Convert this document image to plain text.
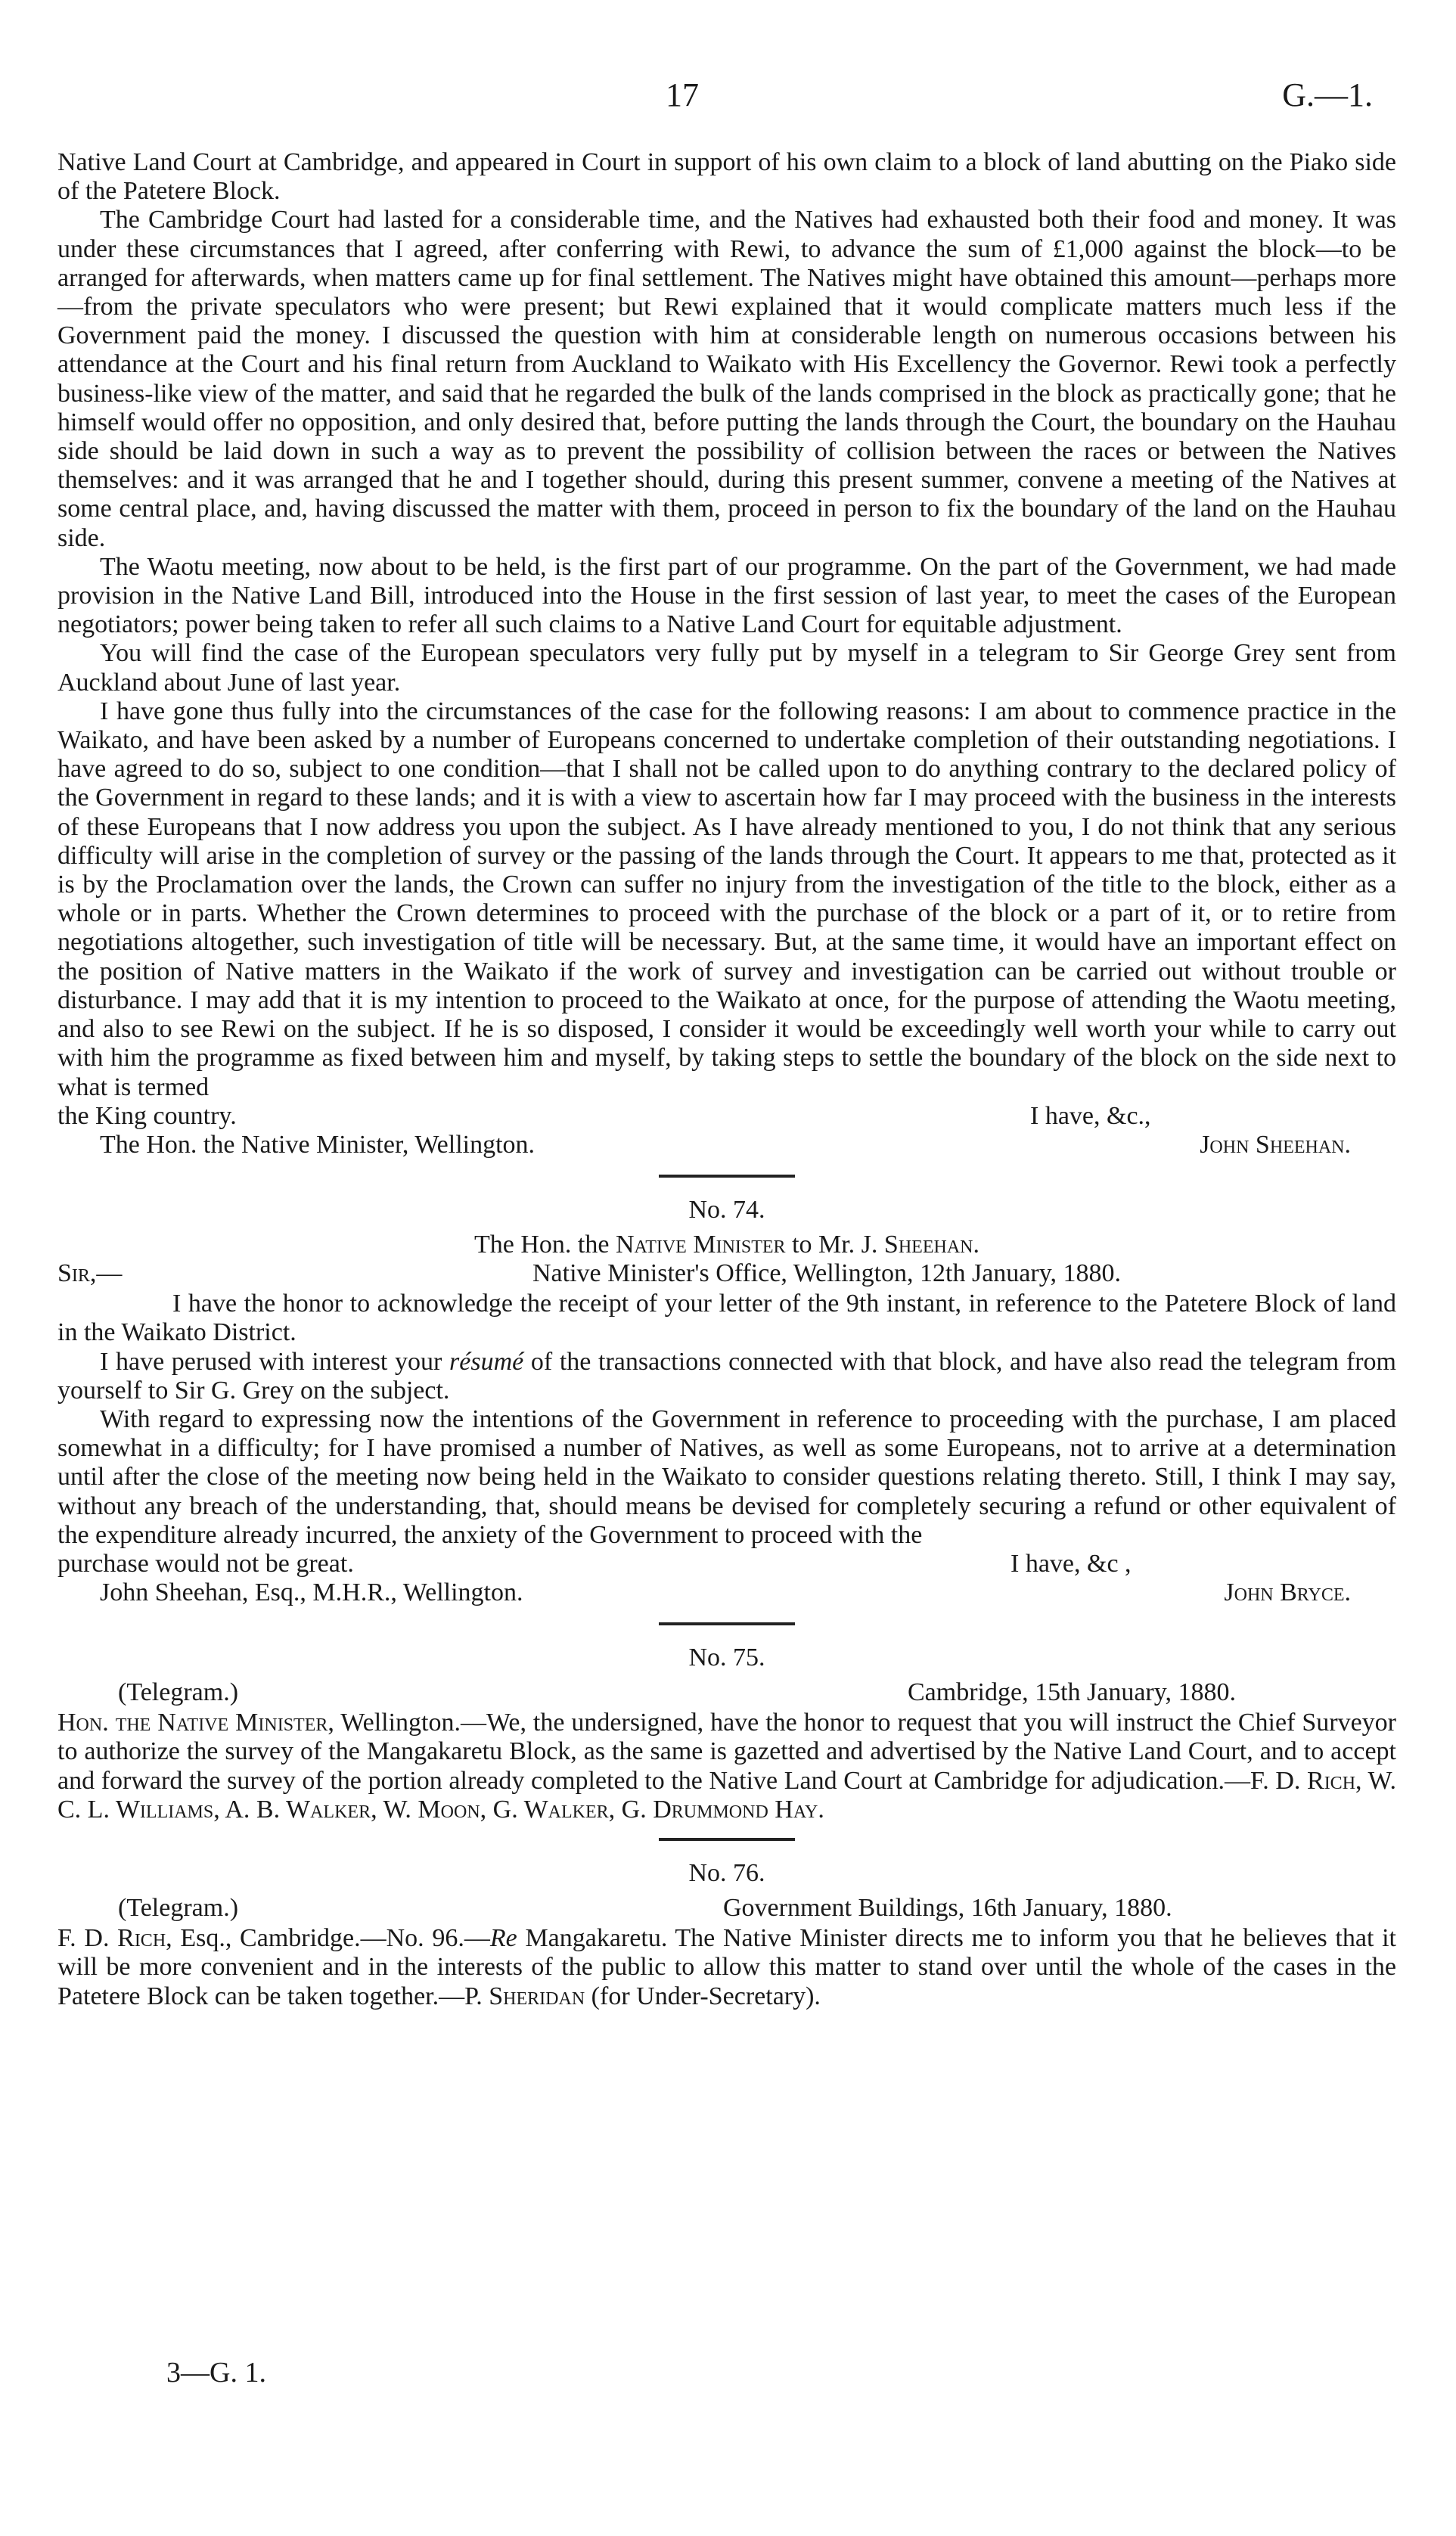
17	G.—1.

Native Land Court at Cambridge, and appeared in Court in support of his own claim to a block of land abutting on the Piako side of the Patetere Block.

The Cambridge Court had lasted for a considerable time, and the Natives had exhausted both their food and money. It was under these circumstances that I agreed, after conferring with Rewi, to advance the sum of £1,000 against the block—to be arranged for afterwards, when matters came up for final settlement. The Natives might have obtained this amount—perhaps more—from the private speculators who were present; but Rewi explained that it would complicate matters much less if the Government paid the money. I discussed the question with him at considerable length on numerous occasions between his attendance at the Court and his final return from Auckland to Waikato with His Excellency the Governor. Rewi took a perfectly business-like view of the matter, and said that he regarded the bulk of the lands comprised in the block as practically gone; that he himself would offer no opposition, and only desired that, before putting the lands through the Court, the boundary on the Hauhau side should be laid down in such a way as to prevent the possibility of collision between the races or between the Natives themselves: and it was arranged that he and I together should, during this present summer, convene a meeting of the Natives at some central place, and, having discussed the matter with them, proceed in person to fix the boundary of the land on the Hauhau side.

The Waotu meeting, now about to be held, is the first part of our programme. On the part of the Government, we had made provision in the Native Land Bill, introduced into the House in the first session of last year, to meet the cases of the European negotiators; power being taken to refer all such claims to a Native Land Court for equitable adjustment.

You will find the case of the European speculators very fully put by myself in a telegram to Sir George Grey sent from Auckland about June of last year.

I have gone thus fully into the circumstances of the case for the following reasons: I am about to commence practice in the Waikato, and have been asked by a number of Europeans concerned to undertake completion of their outstanding negotiations. I have agreed to do so, subject to one condition—that I shall not be called upon to do anything contrary to the declared policy of the Government in regard to these lands; and it is with a view to ascertain how far I may proceed with the business in the interests of these Europeans that I now address you upon the subject. As I have already mentioned to you, I do not think that any serious difficulty will arise in the completion of survey or the passing of the lands through the Court. It appears to me that, protected as it is by the Proclamation over the lands, the Crown can suffer no injury from the investigation of the title to the block, either as a whole or in parts. Whether the Crown determines to proceed with the purchase of the block or a part of it, or to retire from negotiations altogether, such investigation of title will be necessary. But, at the same time, it would have an important effect on the position of Native matters in the Waikato if the work of survey and investigation can be carried out without trouble or disturbance. I may add that it is my intention to proceed to the Waikato at once, for the purpose of attending the Waotu meeting, and also to see Rewi on the subject. If he is so disposed, I consider it would be exceedingly well worth your while to carry out with him the programme as fixed between him and myself, by taking steps to settle the boundary of the block on the side next to what is termed

the King country.	I have, &c.,
The Hon. the Native Minister, Wellington.	John Sheehan.
No. 74.
The Hon. the Native Minister to Mr. J. Sheehan.
Sir,—	Native Minister's Office, Wellington, 12th January, 1880.

I have the honor to acknowledge the receipt of your letter of the 9th instant, in reference to the Patetere Block of land in the Waikato District.

I have perused with interest your résumé of the transactions connected with that block, and have also read the telegram from yourself to Sir G. Grey on the subject.

With regard to expressing now the intentions of the Government in reference to proceeding with the purchase, I am placed somewhat in a difficulty; for I have promised a number of Natives, as well as some Europeans, not to arrive at a determination until after the close of the meeting now being held in the Waikato to consider questions relating thereto. Still, I think I may say, without any breach of the understanding, that, should means be devised for completely securing a refund or other equivalent of the expenditure already incurred, the anxiety of the Government to proceed with the

purchase would not be great.	I have, &c ,
John Sheehan, Esq., M.H.R., Wellington.	John Bryce.
No. 75.
(Telegram.)	Cambridge, 15th January, 1880.

Hon. the Native Minister, Wellington.—We, the undersigned, have the honor to request that you will instruct the Chief Surveyor to authorize the survey of the Mangakaretu Block, as the same is gazetted and advertised by the Native Land Court, and to accept and forward the survey of the portion already completed to the Native Land Court at Cambridge for adjudication.—F. D. Rich, W. C. L. Williams, A. B. Walker, W. Moon, G. Walker, G. Drummond Hay.

No. 76.
(Telegram.)	Government Buildings, 16th January, 1880.

F. D. Rich, Esq., Cambridge.—No. 96.—Re Mangakaretu. The Native Minister directs me to inform you that he believes that it will be more convenient and in the interests of the public to allow this matter to stand over until the whole of the cases in the Patetere Block can be taken together.—P. Sheridan (for Under-Secretary).

3—G. 1.
